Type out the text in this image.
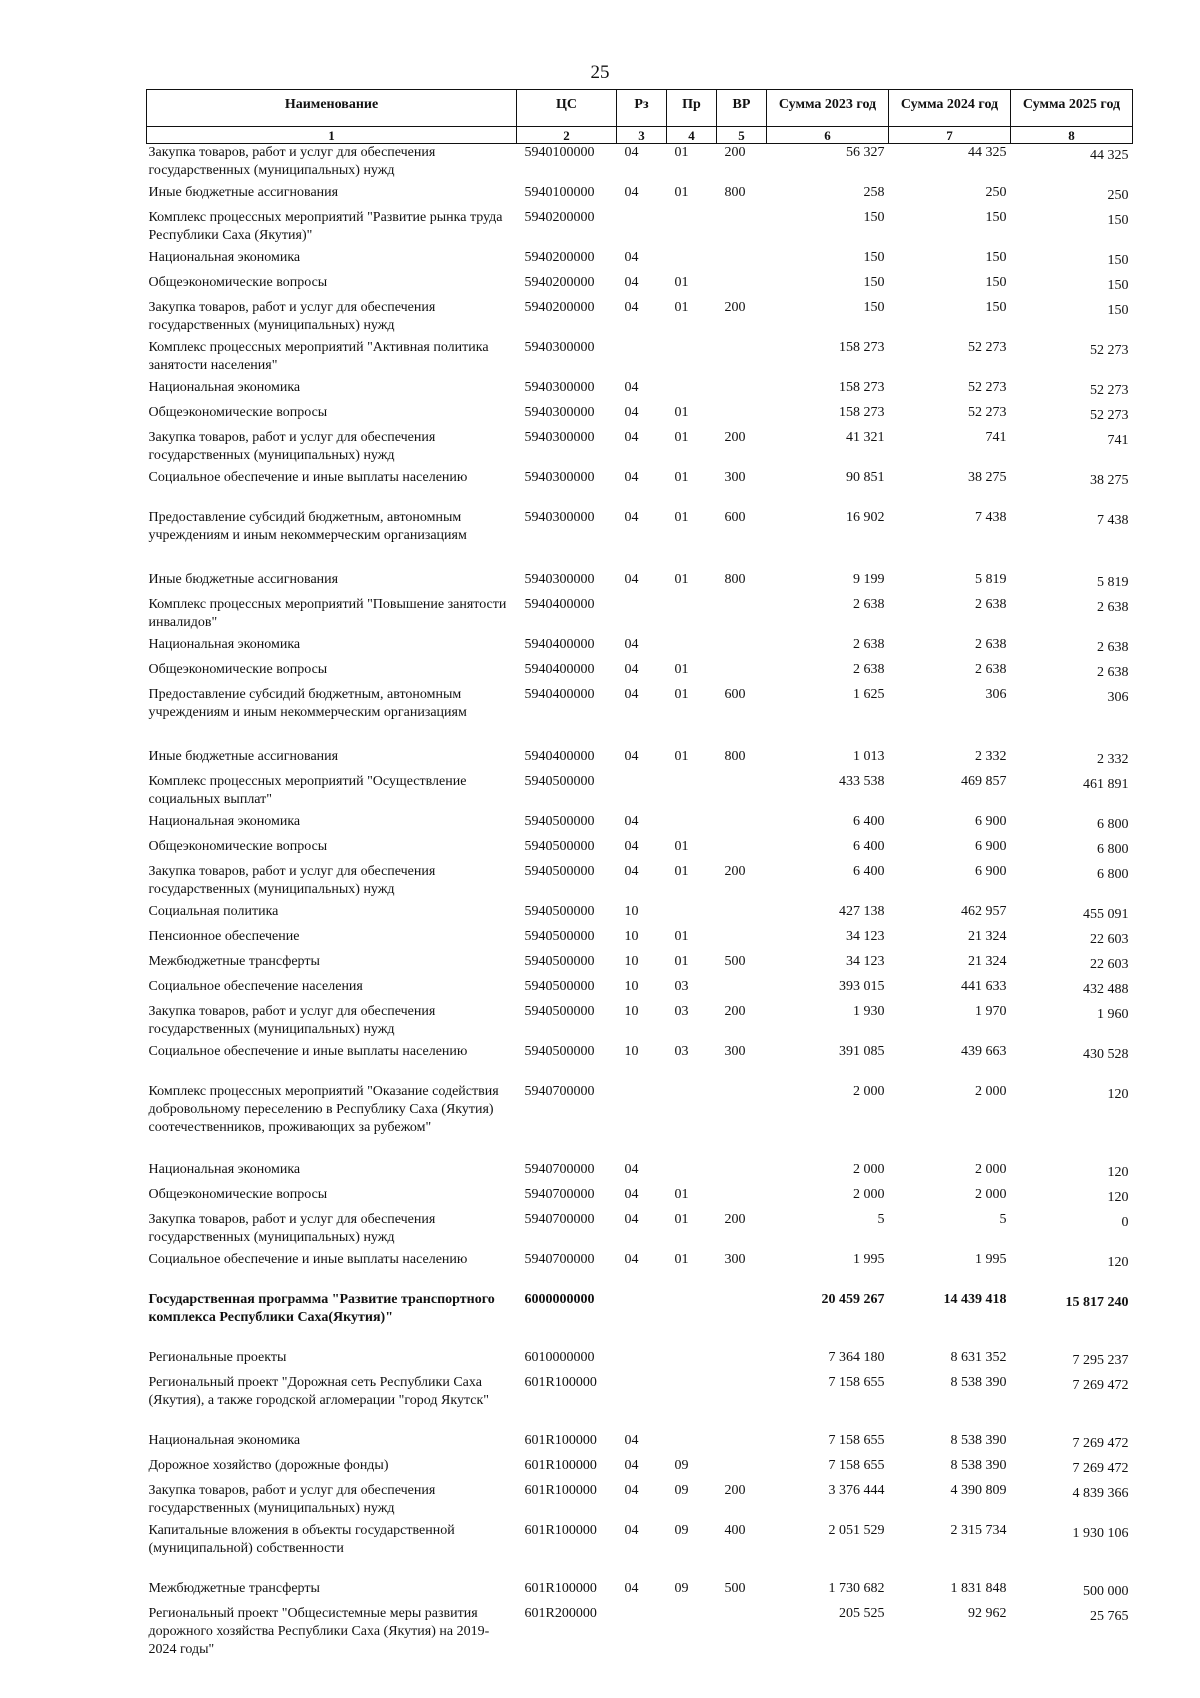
25
Наименование	ЦС	Рз	Пр	ВР	Сумма 2023 год	Сумма 2024 год	Сумма 2025 год
1	2	3	4	5	6	7	8
Закупка товаров, работ и услуг для обеспечения государственных (муниципальных) нужд	5940100000	04	01	200	56 327	44 325	44 325
Иные бюджетные ассигнования	5940100000	04	01	800	258	250	250
Комплекс процессных мероприятий "Развитие рынка труда Республики Саха (Якутия)"	5940200000				150	150	150
Национальная экономика	5940200000	04			150	150	150
Общеэкономические вопросы	5940200000	04	01		150	150	150
Закупка товаров, работ и услуг для обеспечения государственных (муниципальных) нужд	5940200000	04	01	200	150	150	150
Комплекс процессных мероприятий "Активная политика занятости населения"	5940300000				158 273	52 273	52 273
Национальная экономика	5940300000	04			158 273	52 273	52 273
Общеэкономические вопросы	5940300000	04	01		158 273	52 273	52 273
Закупка товаров, работ и услуг для обеспечения государственных (муниципальных) нужд	5940300000	04	01	200	41 321	741	741
Социальное обеспечение и иные выплаты населению	5940300000	04	01	300	90 851	38 275	38 275
Предоставление субсидий бюджетным, автономным учреждениям и иным некоммерческим организациям	5940300000	04	01	600	16 902	7 438	7 438
Иные бюджетные ассигнования	5940300000	04	01	800	9 199	5 819	5 819
Комплекс процессных мероприятий "Повышение занятости инвалидов"	5940400000				2 638	2 638	2 638
Национальная экономика	5940400000	04			2 638	2 638	2 638
Общеэкономические вопросы	5940400000	04	01		2 638	2 638	2 638
Предоставление субсидий бюджетным, автономным учреждениям и иным некоммерческим организациям	5940400000	04	01	600	1 625	306	306
Иные бюджетные ассигнования	5940400000	04	01	800	1 013	2 332	2 332
Комплекс процессных мероприятий "Осуществление социальных выплат"	5940500000				433 538	469 857	461 891
Национальная экономика	5940500000	04			6 400	6 900	6 800
Общеэкономические вопросы	5940500000	04	01		6 400	6 900	6 800
Закупка товаров, работ и услуг для обеспечения государственных (муниципальных) нужд	5940500000	04	01	200	6 400	6 900	6 800
Социальная политика	5940500000	10			427 138	462 957	455 091
Пенсионное обеспечение	5940500000	10	01		34 123	21 324	22 603
Межбюджетные трансферты	5940500000	10	01	500	34 123	21 324	22 603
Социальное обеспечение населения	5940500000	10	03		393 015	441 633	432 488
Закупка товаров, работ и услуг для обеспечения государственных (муниципальных) нужд	5940500000	10	03	200	1 930	1 970	1 960
Социальное обеспечение и иные выплаты населению	5940500000	10	03	300	391 085	439 663	430 528
Комплекс процессных мероприятий "Оказание содействия добровольному переселению в Республику Саха (Якутия) соотечественников, проживающих за рубежом"	5940700000				2 000	2 000	120
Национальная экономика	5940700000	04			2 000	2 000	120
Общеэкономические вопросы	5940700000	04	01		2 000	2 000	120
Закупка товаров, работ и услуг для обеспечения государственных (муниципальных) нужд	5940700000	04	01	200	5	5	0
Социальное обеспечение и иные выплаты населению	5940700000	04	01	300	1 995	1 995	120
Государственная программа "Развитие транспортного комплекса Республики Саха(Якутия)"	6000000000				20 459 267	14 439 418	15 817 240
Региональные проекты	6010000000				7 364 180	8 631 352	7 295 237
Региональный проект "Дорожная сеть Республики Саха (Якутия), а также городской агломерации "город Якутск"	601R100000				7 158 655	8 538 390	7 269 472
Национальная экономика	601R100000	04			7 158 655	8 538 390	7 269 472
Дорожное хозяйство (дорожные фонды)	601R100000	04	09		7 158 655	8 538 390	7 269 472
Закупка товаров, работ и услуг для обеспечения государственных (муниципальных) нужд	601R100000	04	09	200	3 376 444	4 390 809	4 839 366
Капитальные вложения в объекты государственной (муниципальной) собственности	601R100000	04	09	400	2 051 529	2 315 734	1 930 106
Межбюджетные трансферты	601R100000	04	09	500	1 730 682	1 831 848	500 000
Региональный проект "Общесистемные меры развития дорожного хозяйства Республики Саха (Якутия) на 2019-2024 годы"	601R200000				205 525	92 962	25 765
